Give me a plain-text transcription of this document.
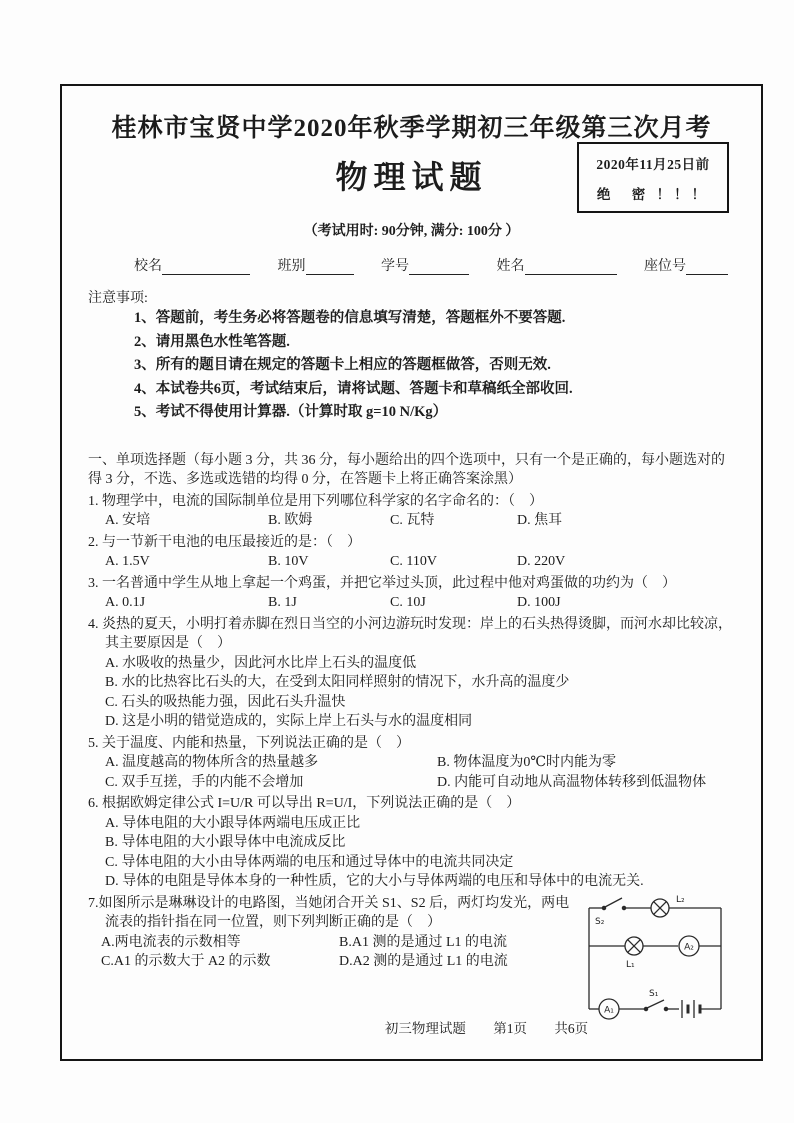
桂林市宝贤中学2020年秋季学期初三年级第三次月考
物理试题	2020年11月25日前
绝　密 ！！！
（考试用时: 90分钟, 满分: 100分 ）
校名	班别	学号	姓名	座位号
注意事项:
1、答题前，考生务必将答题卷的信息填写清楚，答题框外不要答题.
2、请用黑色水性笔答题.
3、所有的题目请在规定的答题卡上相应的答题框做答，否则无效.
4、本试卷共6页，考试结束后，请将试题、答题卡和草稿纸全部收回.
5、考试不得使用计算器.（计算时取 g=10 N/Kg）
一、单项选择题（每小题 3 分，共 36 分，每小题给出的四个选项中，只有一个是正确的，每小题选对的得 3 分，不选、多选或选错的均得 0 分，在答题卡上将正确答案涂黑）
1. 物理学中，电流的国际制单位是用下列哪位科学家的名字命名的：（　）
A. 安培	B. 欧姆	C. 瓦特	D. 焦耳
2. 与一节新干电池的电压最接近的是：（　）
A. 1.5V	B. 10V	C. 110V	D. 220V
3. 一名普通中学生从地上拿起一个鸡蛋，并把它举过头顶，此过程中他对鸡蛋做的功约为（　）
A. 0.1J	B. 1J	C. 10J	D. 100J
4. 炎热的夏天，小明打着赤脚在烈日当空的小河边游玩时发现：岸上的石头热得烫脚，而河水却比较凉，其主要原因是（　）
A. 水吸收的热量少，因此河水比岸上石头的温度低
B. 水的比热容比石头的大，在受到太阳同样照射的情况下，水升高的温度少
C. 石头的吸热能力强，因此石头升温快
D. 这是小明的错觉造成的，实际上岸上石头与水的温度相同
5. 关于温度、内能和热量，下列说法正确的是（　）
A. 温度越高的物体所含的热量越多	B. 物体温度为0℃时内能为零
C. 双手互搓，手的内能不会增加	D. 内能可自动地从高温物体转移到低温物体
6. 根据欧姆定律公式 I=U/R 可以导出 R=U/I，下列说法正确的是（　）
A. 导体电阻的大小跟导体两端电压成正比
B. 导体电阻的大小跟导体中电流成反比
C. 导体电阻的大小由导体两端的电压和通过导体中的电流共同决定
D. 导体的电阻是导体本身的一种性质，它的大小与导体两端的电压和导体中的电流无关.
7.如图所示是琳琳设计的电路图，当她闭合开关 S1、S2 后，两灯均发光，两电流表的指针指在同一位置，则下列判断正确的是（　）
A.两电流表的示数相等	B.A1 测的是通过 L1 的电流
C.A1 的示数大于 A2 的示数	D.A2 测的是通过 L1 的电流
L₂
S₂
L₁
A₂
A₁
S₁
初三物理试题 第1页 共6页
